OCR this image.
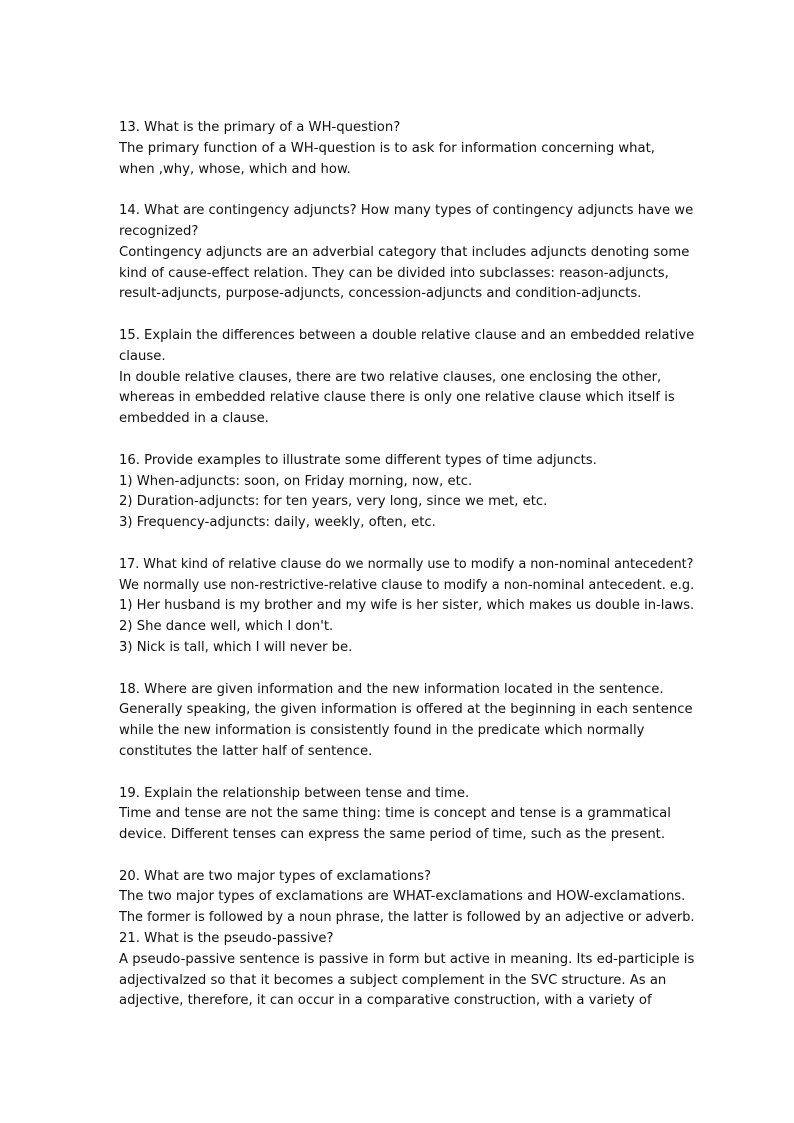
13. What is the primary of a WH-question?
The primary function of a WH-question is to ask for information concerning what,
when ,why, whose, which and how.
14. What are contingency adjuncts? How many types of contingency adjuncts have we
recognized?
Contingency adjuncts are an adverbial category that includes adjuncts denoting some
kind of cause-effect relation. They can be divided into subclasses: reason-adjuncts,
result-adjuncts, purpose-adjuncts, concession-adjuncts and condition-adjuncts.
15. Explain the differences between a double relative clause and an embedded relative
clause.
In double relative clauses, there are two relative clauses, one enclosing the other,
whereas in embedded relative clause there is only one relative clause which itself is
embedded in a clause.
16. Provide examples to illustrate some different types of time adjuncts.
1) When-adjuncts: soon, on Friday morning, now, etc.
2) Duration-adjuncts: for ten years, very long, since we met, etc.
3) Frequency-adjuncts: daily, weekly, often, etc.
17. What kind of relative clause do we normally use to modify a non-nominal antecedent?
We normally use non-restrictive-relative clause to modify a non-nominal antecedent. e.g.
1) Her husband is my brother and my wife is her sister, which makes us double in-laws.
2) She dance well, which I don't.
3) Nick is tall, which I will never be.
18. Where are given information and the new information located in the sentence.
Generally speaking, the given information is offered at the beginning in each sentence
while the new information is consistently found in the predicate which normally
constitutes the latter half of sentence.
19. Explain the relationship between tense and time.
Time and tense are not the same thing: time is concept and tense is a grammatical
device. Different tenses can express the same period of time, such as the present.
20. What are two major types of exclamations?
The two major types of exclamations are WHAT-exclamations and HOW-exclamations.
The former is followed by a noun phrase, the latter is followed by an adjective or adverb.
21. What is the pseudo-passive?
A pseudo-passive sentence is passive in form but active in meaning. Its ed-participle is
adjectivalzed so that it becomes a subject complement in the SVC structure. As an
adjective, therefore, it can occur in a comparative construction, with a variety of
